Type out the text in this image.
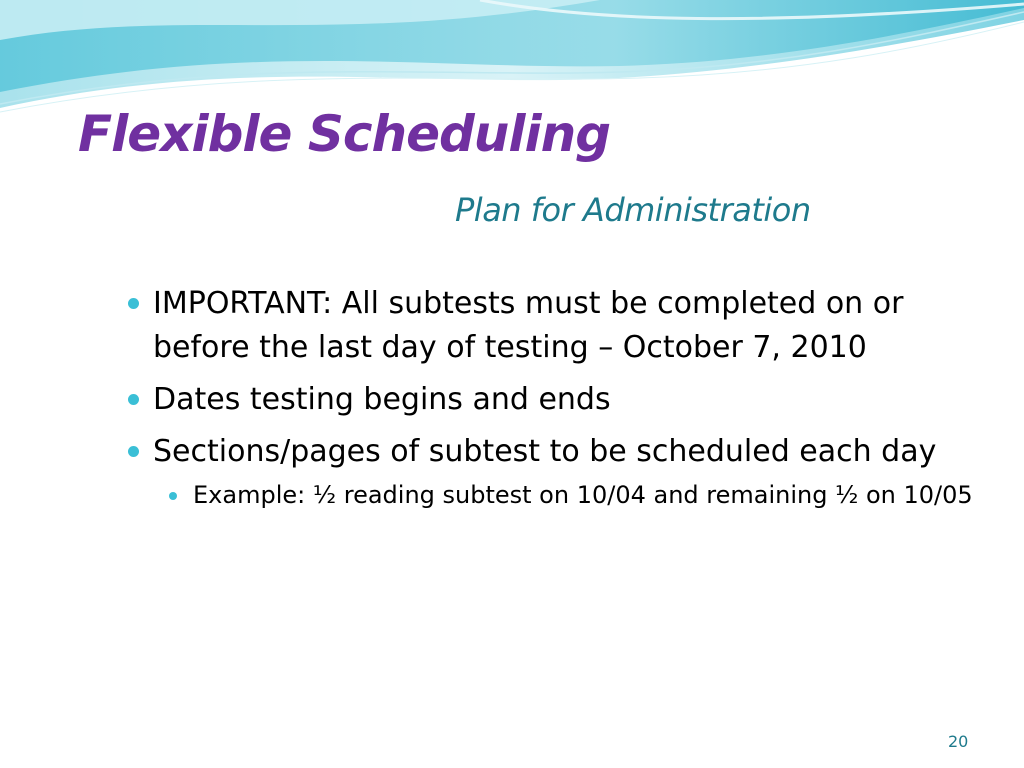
Flexible Scheduling
Plan for Administration
IMPORTANT: All subtests must be completed on or before the last day of testing – October 7, 2010
Dates testing begins and ends
Sections/pages of subtest to be scheduled each day
Example: ½ reading subtest on 10/04 and remaining ½ on 10/05
20
